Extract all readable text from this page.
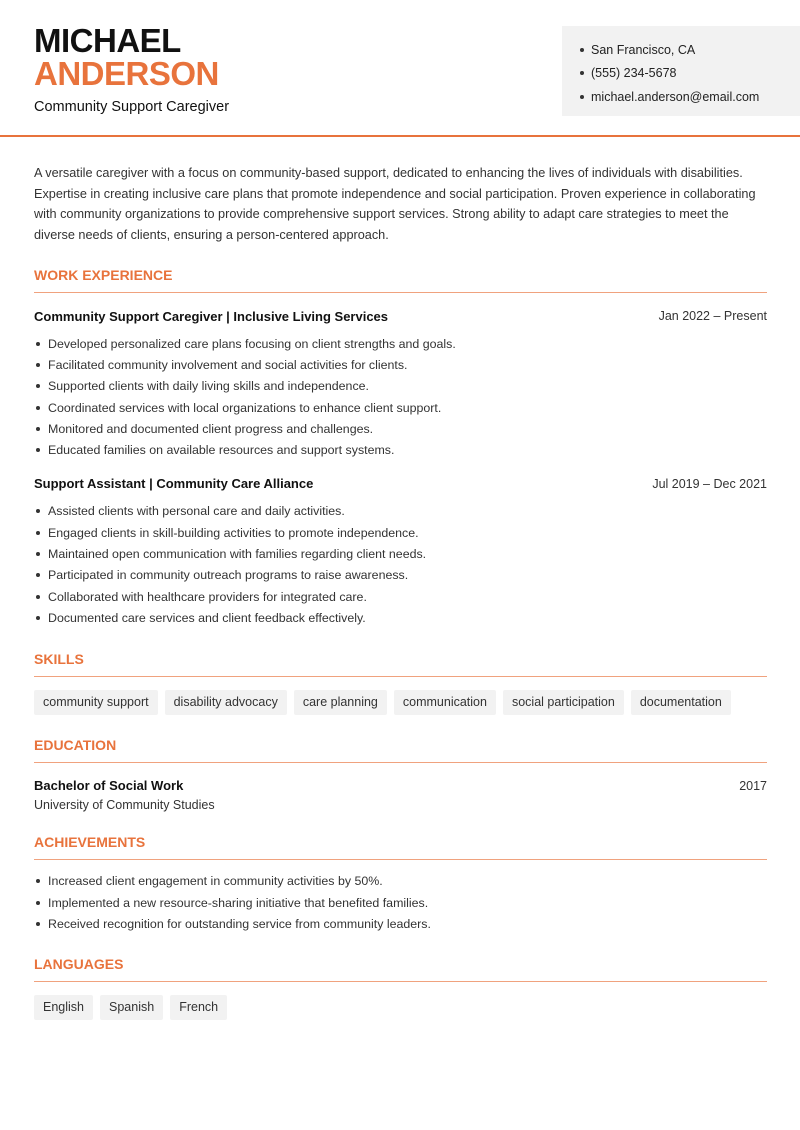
MICHAEL
ANDERSON
Community Support Caregiver
San Francisco, CA
(555) 234-5678
michael.anderson@email.com

A versatile caregiver with a focus on community-based support, dedicated to enhancing the lives of individuals with disabilities. Expertise in creating inclusive care plans that promote independence and social participation. Proven experience in collaborating with community organizations to provide comprehensive support services. Strong ability to adapt care strategies to meet the diverse needs of clients, ensuring a person-centered approach.

WORK EXPERIENCE
Community Support Caregiver | Inclusive Living Services	Jan 2022 – Present
Developed personalized care plans focusing on client strengths and goals.
Facilitated community involvement and social activities for clients.
Supported clients with daily living skills and independence.
Coordinated services with local organizations to enhance client support.
Monitored and documented client progress and challenges.
Educated families on available resources and support systems.
Support Assistant | Community Care Alliance	Jul 2019 – Dec 2021
Assisted clients with personal care and daily activities.
Engaged clients in skill-building activities to promote independence.
Maintained open communication with families regarding client needs.
Participated in community outreach programs to raise awareness.
Collaborated with healthcare providers for integrated care.
Documented care services and client feedback effectively.
SKILLS
community support	disability advocacy	care planning	communication	social participation	documentation
EDUCATION
Bachelor of Social Work	2017
University of Community Studies
ACHIEVEMENTS
Increased client engagement in community activities by 50%.
Implemented a new resource-sharing initiative that benefited families.
Received recognition for outstanding service from community leaders.
LANGUAGES
English	Spanish	French
